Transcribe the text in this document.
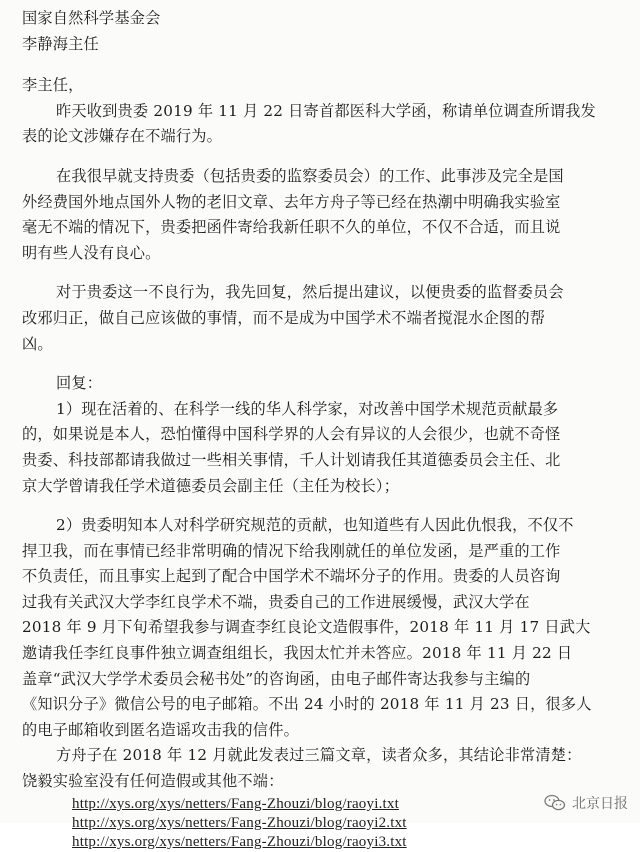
国家自然科学基金会
李静海主任
李主任，
昨天收到贵委 2019 年 11 月 22 日寄首都医科大学函，称请单位调查所谓我发
表的论文涉嫌存在不端行为。
在我很早就支持贵委（包括贵委的监察委员会）的工作、此事涉及完全是国
外经费国外地点国外人物的老旧文章、去年方舟子等已经在热潮中明确我实验室
毫无不端的情况下，贵委把函件寄给我新任职不久的单位，不仅不合适，而且说
明有些人没有良心。
对于贵委这一不良行为，我先回复，然后提出建议，以便贵委的监督委员会
改邪归正，做自己应该做的事情，而不是成为中国学术不端者搅混水企图的帮
凶。
回复：
1）现在活着的、在科学一线的华人科学家，对改善中国学术规范贡献最多
的，如果说是本人，恐怕懂得中国科学界的人会有异议的人会很少，也就不奇怪
贵委、科技部都请我做过一些相关事情，千人计划请我任其道德委员会主任、北
京大学曾请我任学术道德委员会副主任（主任为校长）；
2）贵委明知本人对科学研究规范的贡献，也知道些有人因此仇恨我，不仅不
捍卫我，而在事情已经非常明确的情况下给我刚就任的单位发函，是严重的工作
不负责任，而且事实上起到了配合中国学术不端坏分子的作用。贵委的人员咨询
过我有关武汉大学李红良学术不端，贵委自己的工作进展缓慢，武汉大学在
2018 年 9 月下旬希望我参与调查李红良论文造假事件，2018 年 11 月 17 日武大
邀请我任李红良事件独立调查组组长，我因太忙并未答应。2018 年 11 月 22 日
盖章“武汉大学学术委员会秘书处”的咨询函，由电子邮件寄达我参与主编的
《知识分子》微信公号的电子邮箱。不出 24 小时的 2018 年 11 月 23 日，很多人
的电子邮箱收到匿名造谣攻击我的信件。
方舟子在 2018 年 12 月就此发表过三篇文章，读者众多，其结论非常清楚：
饶毅实验室没有任何造假或其他不端：
http://xys.org/xys/netters/Fang-Zhouzi/blog/raoyi.txt
http://xys.org/xys/netters/Fang-Zhouzi/blog/raoyi2.txt
http://xys.org/xys/netters/Fang-Zhouzi/blog/raoyi3.txt
北京日报
